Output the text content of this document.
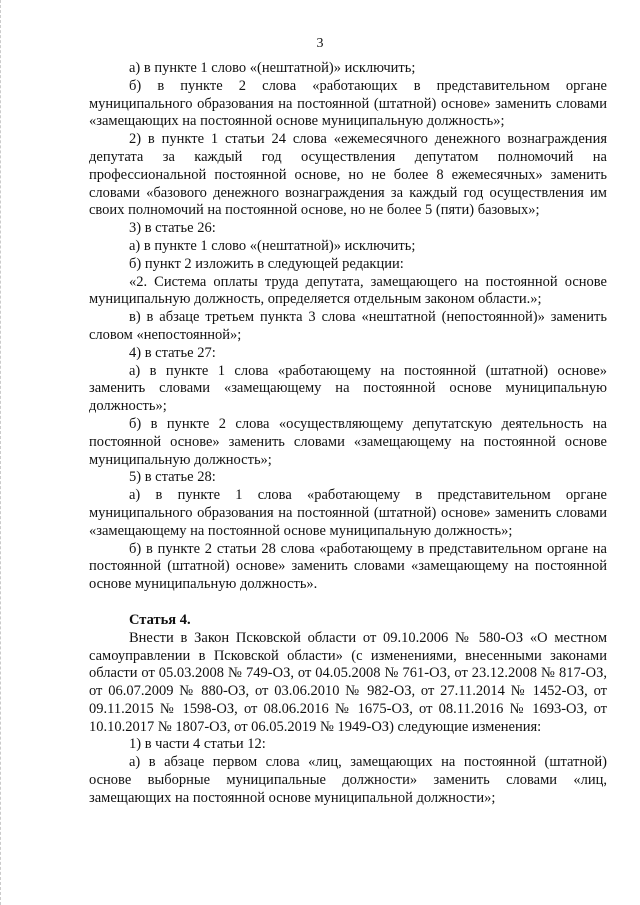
3

а) в пункте 1 слово «(нештатной)» исключить;

б) в пункте 2 слова «работающих в представительном органе муниципального образования на постоянной (штатной) основе» заменить словами «замещающих на постоянной основе муниципальную должность»;

2) в пункте 1 статьи 24 слова «ежемесячного денежного вознаграждения депутата за каждый год осуществления депутатом полномочий на профессиональной постоянной основе, но не более 8 ежемесячных» заменить словами «базового денежного вознаграждения за каждый год осуществления им своих полномочий на постоянной основе, но не более 5 (пяти) базовых»;

3) в статье 26:

а) в пункте 1 слово «(нештатной)» исключить;

б) пункт 2 изложить в следующей редакции:

«2. Система оплаты труда депутата, замещающего на постоянной основе муниципальную должность, определяется отдельным законом области.»;

в) в абзаце третьем пункта 3 слова «нештатной (непостоянной)» заменить словом «непостоянной»;

4) в статье 27:

а) в пункте 1 слова «работающему на постоянной (штатной) основе» заменить словами «замещающему на постоянной основе муниципальную должность»;

б) в пункте 2 слова «осуществляющему депутатскую деятельность на постоянной основе» заменить словами «замещающему на постоянной основе муниципальную должность»;

5) в статье 28:

а) в пункте 1 слова «работающему в представительном органе муниципального образования на постоянной (штатной) основе» заменить словами «замещающему на постоянной основе муниципальную должность»;

б) в пункте 2 статьи 28 слова «работающему в представительном органе на постоянной (штатной) основе» заменить словами «замещающему на постоянной основе муниципальную должность».

Статья 4.

Внести в Закон Псковской области от 09.10.2006 № 580-ОЗ «О местном самоуправлении в Псковской области» (с изменениями, внесенными законами области от 05.03.2008 № 749-ОЗ, от 04.05.2008 № 761-ОЗ, от 23.12.2008 № 817-ОЗ, от 06.07.2009 № 880-ОЗ, от 03.06.2010 № 982-ОЗ, от 27.11.2014 № 1452-ОЗ, от 09.11.2015 № 1598-ОЗ, от 08.06.2016 № 1675-ОЗ, от 08.11.2016 № 1693-ОЗ, от 10.10.2017 № 1807-ОЗ, от 06.05.2019 № 1949-ОЗ) следующие изменения:

1) в части 4 статьи 12:

а) в абзаце первом слова «лиц, замещающих на постоянной (штатной) основе выборные муниципальные должности» заменить словами «лиц, замещающих на постоянной основе муниципальной должности»;
